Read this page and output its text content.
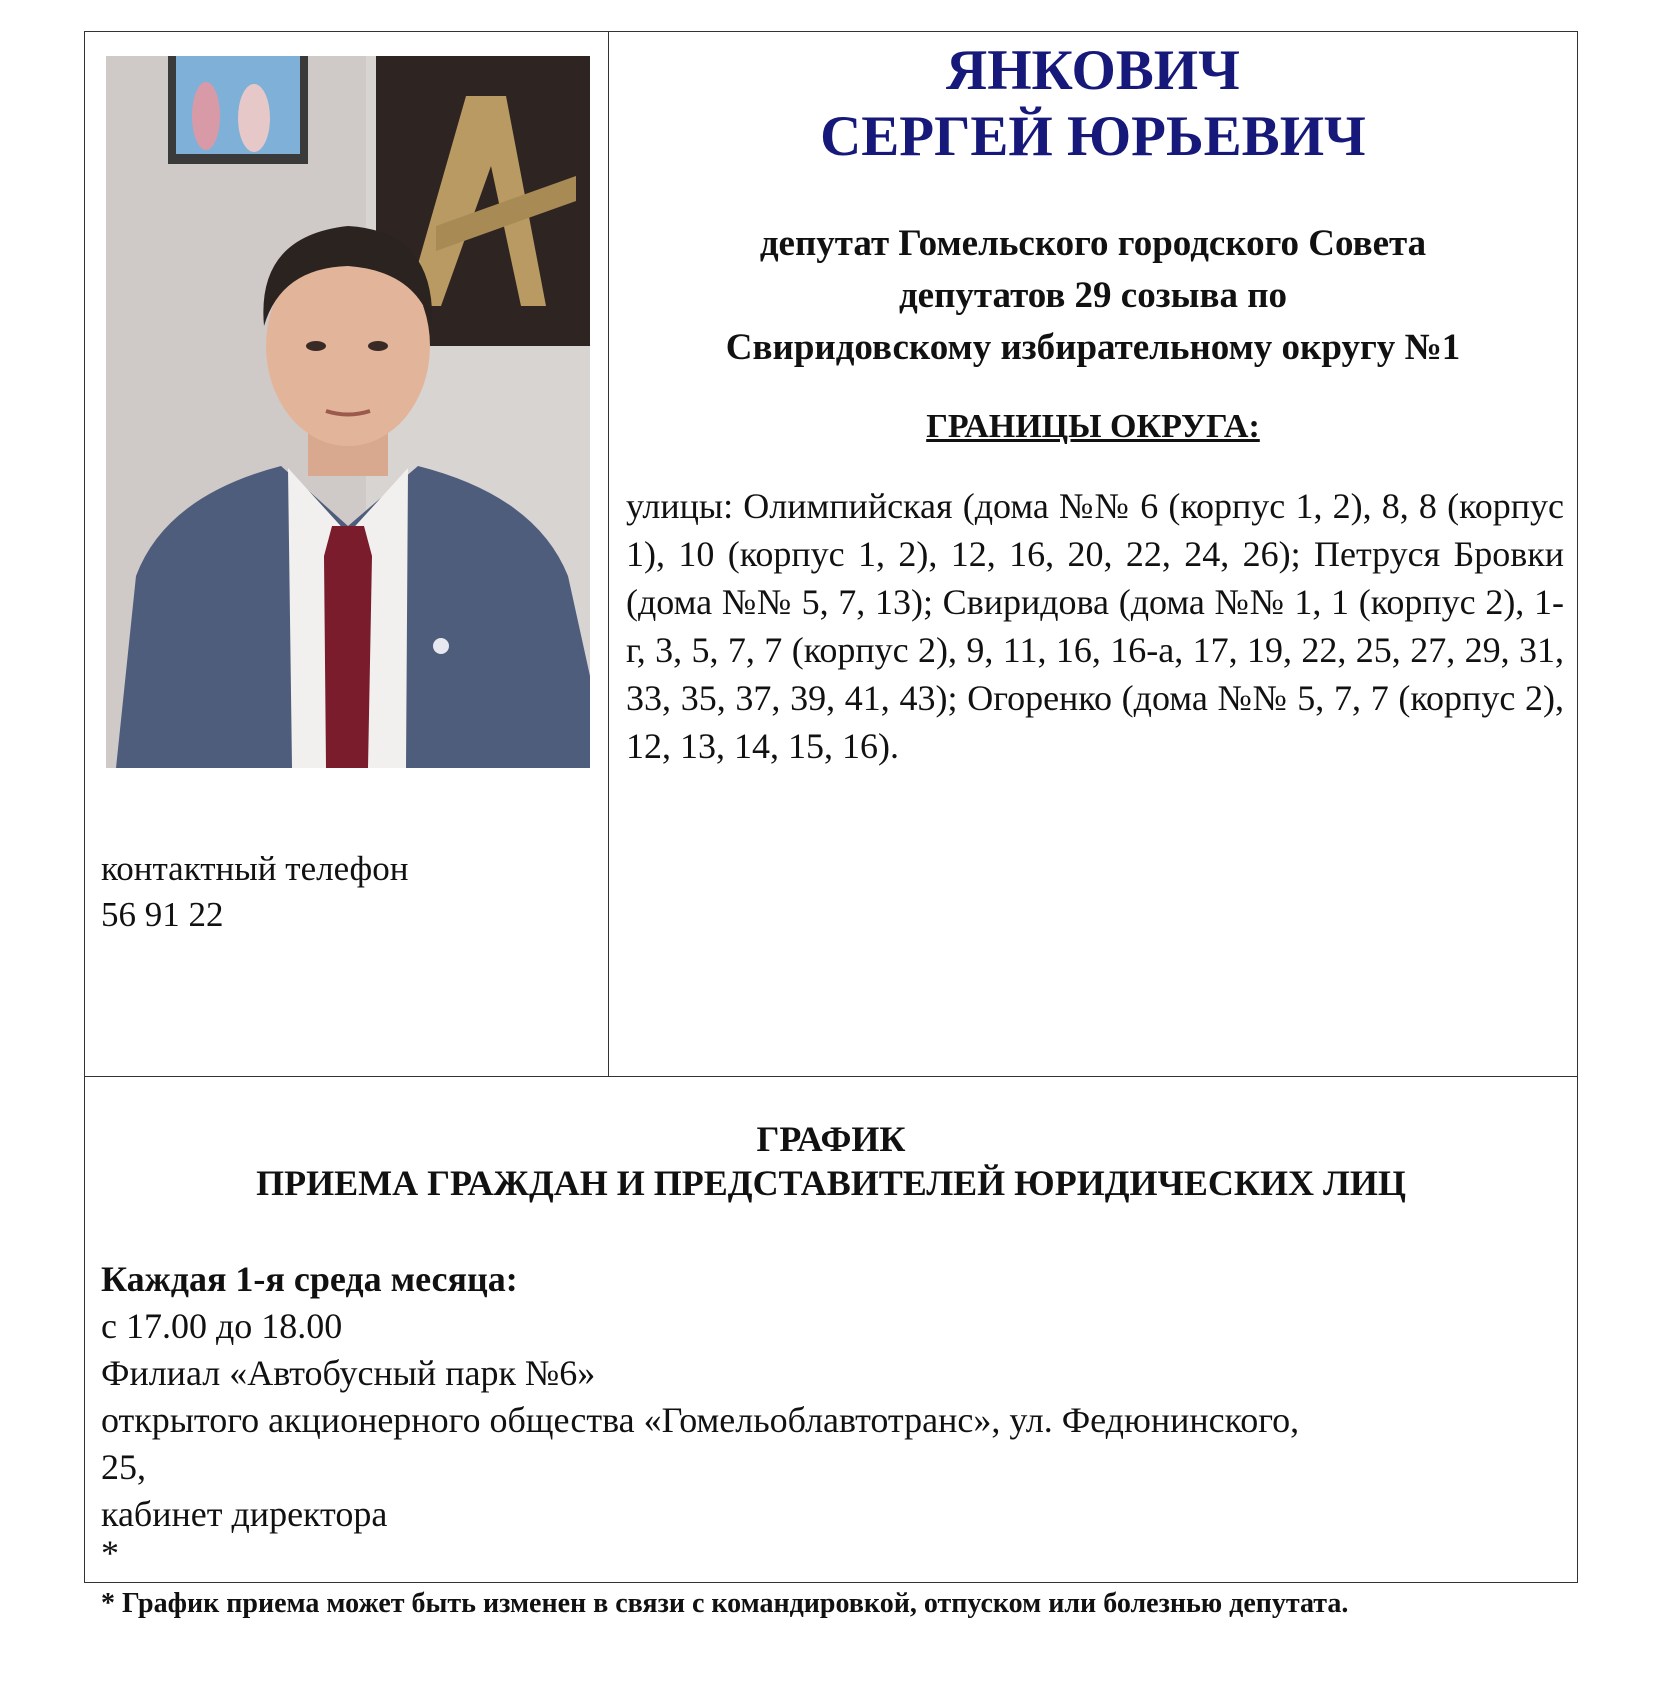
контактный телефон
56 91 22
ЯНКОВИЧ
СЕРГЕЙ ЮРЬЕВИЧ
депутат Гомельского городского Совета
депутатов 29 созыва по
Свиридовскому избирательному округу №1
ГРАНИЦЫ ОКРУГА:
улицы: Олимпийская (дома №№ 6 (корпус 1, 2), 8, 8 (корпус 1), 10 (корпус 1, 2), 12, 16, 20, 22, 24, 26); Петруся Бровки (дома №№ 5, 7, 13); Свиридова (дома №№ 1, 1 (корпус 2), 1-г, 3, 5, 7, 7 (корпус 2), 9, 11, 16, 16-а, 17, 19, 22, 25, 27, 29, 31, 33, 35, 37, 39, 41, 43); Огоренко (дома №№ 5, 7, 7 (корпус 2), 12, 13, 14, 15, 16).
ГРАФИК
ПРИЕМА ГРАЖДАН И ПРЕДСТАВИТЕЛЕЙ ЮРИДИЧЕСКИХ ЛИЦ
Каждая 1-я среда месяца:
с 17.00 до 18.00
Филиал «Автобусный парк №6»
открытого акционерного общества «Гомельоблавтотранс», ул. Федюнинского,
25,
кабинет директора
*
* График приема может быть изменен в связи с командировкой, отпуском или болезнью депутата.
